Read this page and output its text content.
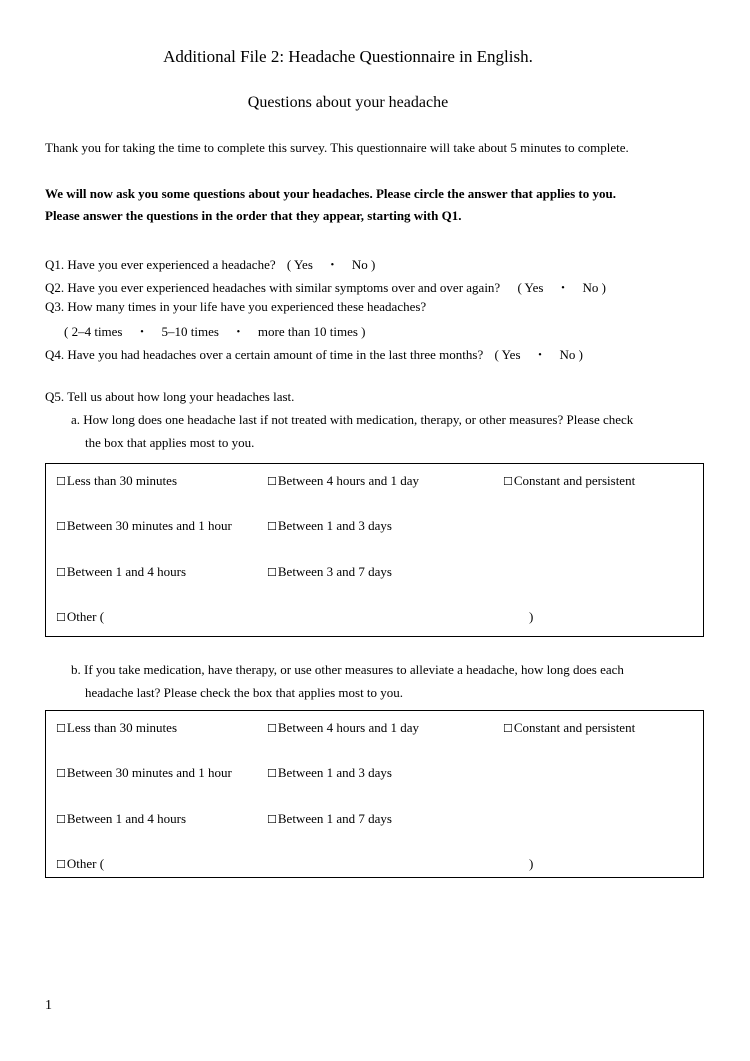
Additional File 2: Headache Questionnaire in English.
Questions about your headache
Thank you for taking the time to complete this survey. This questionnaire will take about 5 minutes to complete.
We will now ask you some questions about your headaches. Please circle the answer that applies to you.
Please answer the questions in the order that they appear, starting with Q1.
Q1. Have you ever experienced a headache? ( Yes　・　No )
Q2. Have you ever experienced headaches with similar symptoms over and over again? ( Yes　・　No )
Q3. How many times in your life have you experienced these headaches?
( 2–4 times　・　5–10 times　・　more than 10 times )
Q4. Have you had headaches over a certain amount of time in the last three months? ( Yes　・　No )
Q5. Tell us about how long your headaches last.
a. How long does one headache last if not treated with medication, therapy, or other measures? Please check
the box that applies most to you.
☐Less than 30 minutes	☐Between 4 hours and 1 day	☐Constant and persistent
☐Between 30 minutes and 1 hour	☐Between 1 and 3 days
☐Between 1 and 4 hours	☐Between 3 and 7 days
☐Other (	)
b. If you take medication, have therapy, or use other measures to alleviate a headache, how long does each
headache last? Please check the box that applies most to you.
☐Less than 30 minutes	☐Between 4 hours and 1 day	☐Constant and persistent
☐Between 30 minutes and 1 hour	☐Between 1 and 3 days
☐Between 1 and 4 hours	☐Between 1 and 7 days
☐Other (	)
1
